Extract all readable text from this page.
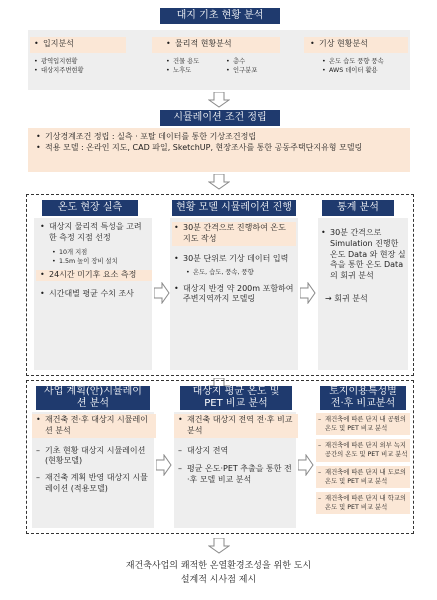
대지 기초 현황 분석
• 입지분석
• 광역입지현황
• 대상지주변현황
• 물리적 현황분석
• 건물 용도
• 노후도
• 층수
• 인구분포
• 기상 현황분석
• 온도 습도 풍향 풍속
• AWS 데이터 활용
시뮬레이션 조건 정립
• 기상경계조건 정립 : 실측 · 포탈 데이터를 통한 기상조건정립
• 적용 모델 : 온라인 지도, CAD 파일, SketchUP, 현장조사를 통한 공동주택단지유형 모델링
온도 현장 실측
• 대상지 물리적 특성을 고려한 측정 지점 선정
• 10개 지점
• 1.5m 높이 장비 설치
• 24시간 미기후 요소 측정
• 시간대별 평균 수치 조사
현황 모델 시뮬레이션 진행
• 30분 간격으로 진행하여 온도 지도 작성
• 30분 단위로 기상 데이터 입력
• 온도, 습도, 풍속, 풍향
• 대상지 반경 약 200m 포함하여 주변지역까지 모델링
통계 분석
• 30분 간격으로 Simulation 진행한 온도 Data 와 현장 실측을 통한 온도 Data의 회귀 분석
→ 회귀 분석
사업 계획(안)시뮬레이션 분석
• 재건축 전·후 대상지 시뮬레이션 분석
– 기초 현황 대상지 시뮬레이션 (현황모델)
– 재건축 계획 반영 대상지 시뮬레이션 (적용모델)
대상지 평균 온도 및 PET 비교 분석
• 재건축 대상지 전역 전·후 비교 분석
– 대상지 전역
– 평균 온도·PET 추출을 통한 전·후 모델 비교 분석
토지이용특성별 전·후 비교분석
– 재건축에 따른 단지 내 공원의 온도 및 PET 비교 분석
– 재건축에 따른 단지 외부 녹지공간의 온도 및 PET 비교 분석
– 재건축에 따른 단지 내 도로의 온도 및 PET 비교 분석
– 재건축에 따른 단지 내 학교의 온도 및 PET 비교 분석
재건축사업의 쾌적한 온열환경조성을 위한 도시
설계적 시사점 제시
